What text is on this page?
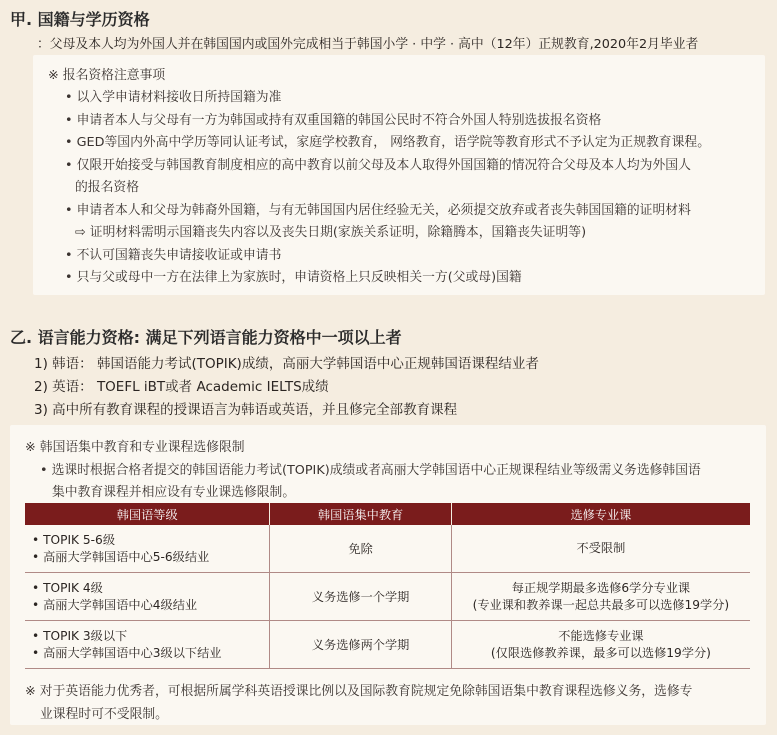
甲. 国籍与学历资格
：父母及本人均为外国人并在韩国国内或国外完成相当于韩国小学 · 中学 · 高中（12年）正规教育,2020年2月毕业者
※ 报名资格注意事项
• 以入学申请材料接收日所持国籍为准
• 申请者本人与父母有一方为韩国或持有双重国籍的韩国公民时不符合外国人特别选拔报名资格
• GED等国内外高中学历等同认证考试，家庭学校教育， 网络教育，语学院等教育形式不予认定为正规教育课程。
• 仅限开始接受与韩国教育制度相应的高中教育以前父母及本人取得外国国籍的情况符合父母及本人均为外国人
的报名资格
• 申请者本人和父母为韩裔外国籍，与有无韩国国内居住经验无关，必须提交放弃或者丧失韩国国籍的证明材料
⇨ 证明材料需明示国籍丧失内容以及丧失日期(家族关系证明，除籍腾本，国籍丧失证明等)
• 不认可国籍丧失申请接收证或申请书
• 只与父或母中一方在法律上为家族时，申请资格上只反映相关一方(父或母)国籍
乙. 语言能力资格: 满足下列语言能力资格中一项以上者
1) 韩语： 韩国语能力考试(TOPIK)成绩，高丽大学韩国语中心正规韩国语课程结业者
2) 英语： TOEFL iBT或者 Academic IELTS成绩
3) 高中所有教育课程的授课语言为韩语或英语，并且修完全部教育课程
※ 韩国语集中教育和专业课程选修限制
• 选课时根据合格者提交的韩国语能力考试(TOPIK)成绩或者高丽大学韩国语中心正规课程结业等级需义务选修韩国语
集中教育课程并相应设有专业课选修限制。
韩国语等级	韩国语集中教育	选修专业课

• TOPIK 5-6级
• 高丽大学韩国语中心5-6级结业	免除	不受限制

• TOPIK 4级
• 高丽大学韩国语中心4级结业	义务选修一个学期	每正规学期最多选修6学分专业课
(专业课和教养课一起总共最多可以选修19学分)

• TOPIK 3级以下
• 高丽大学韩国语中心3级以下结业	义务选修两个学期	不能选修专业课
(仅限选修教养课，最多可以选修19学分)
※ 对于英语能力优秀者，可根据所属学科英语授课比例以及国际教育院规定免除韩国语集中教育课程选修义务，选修专
业课程时可不受限制。
